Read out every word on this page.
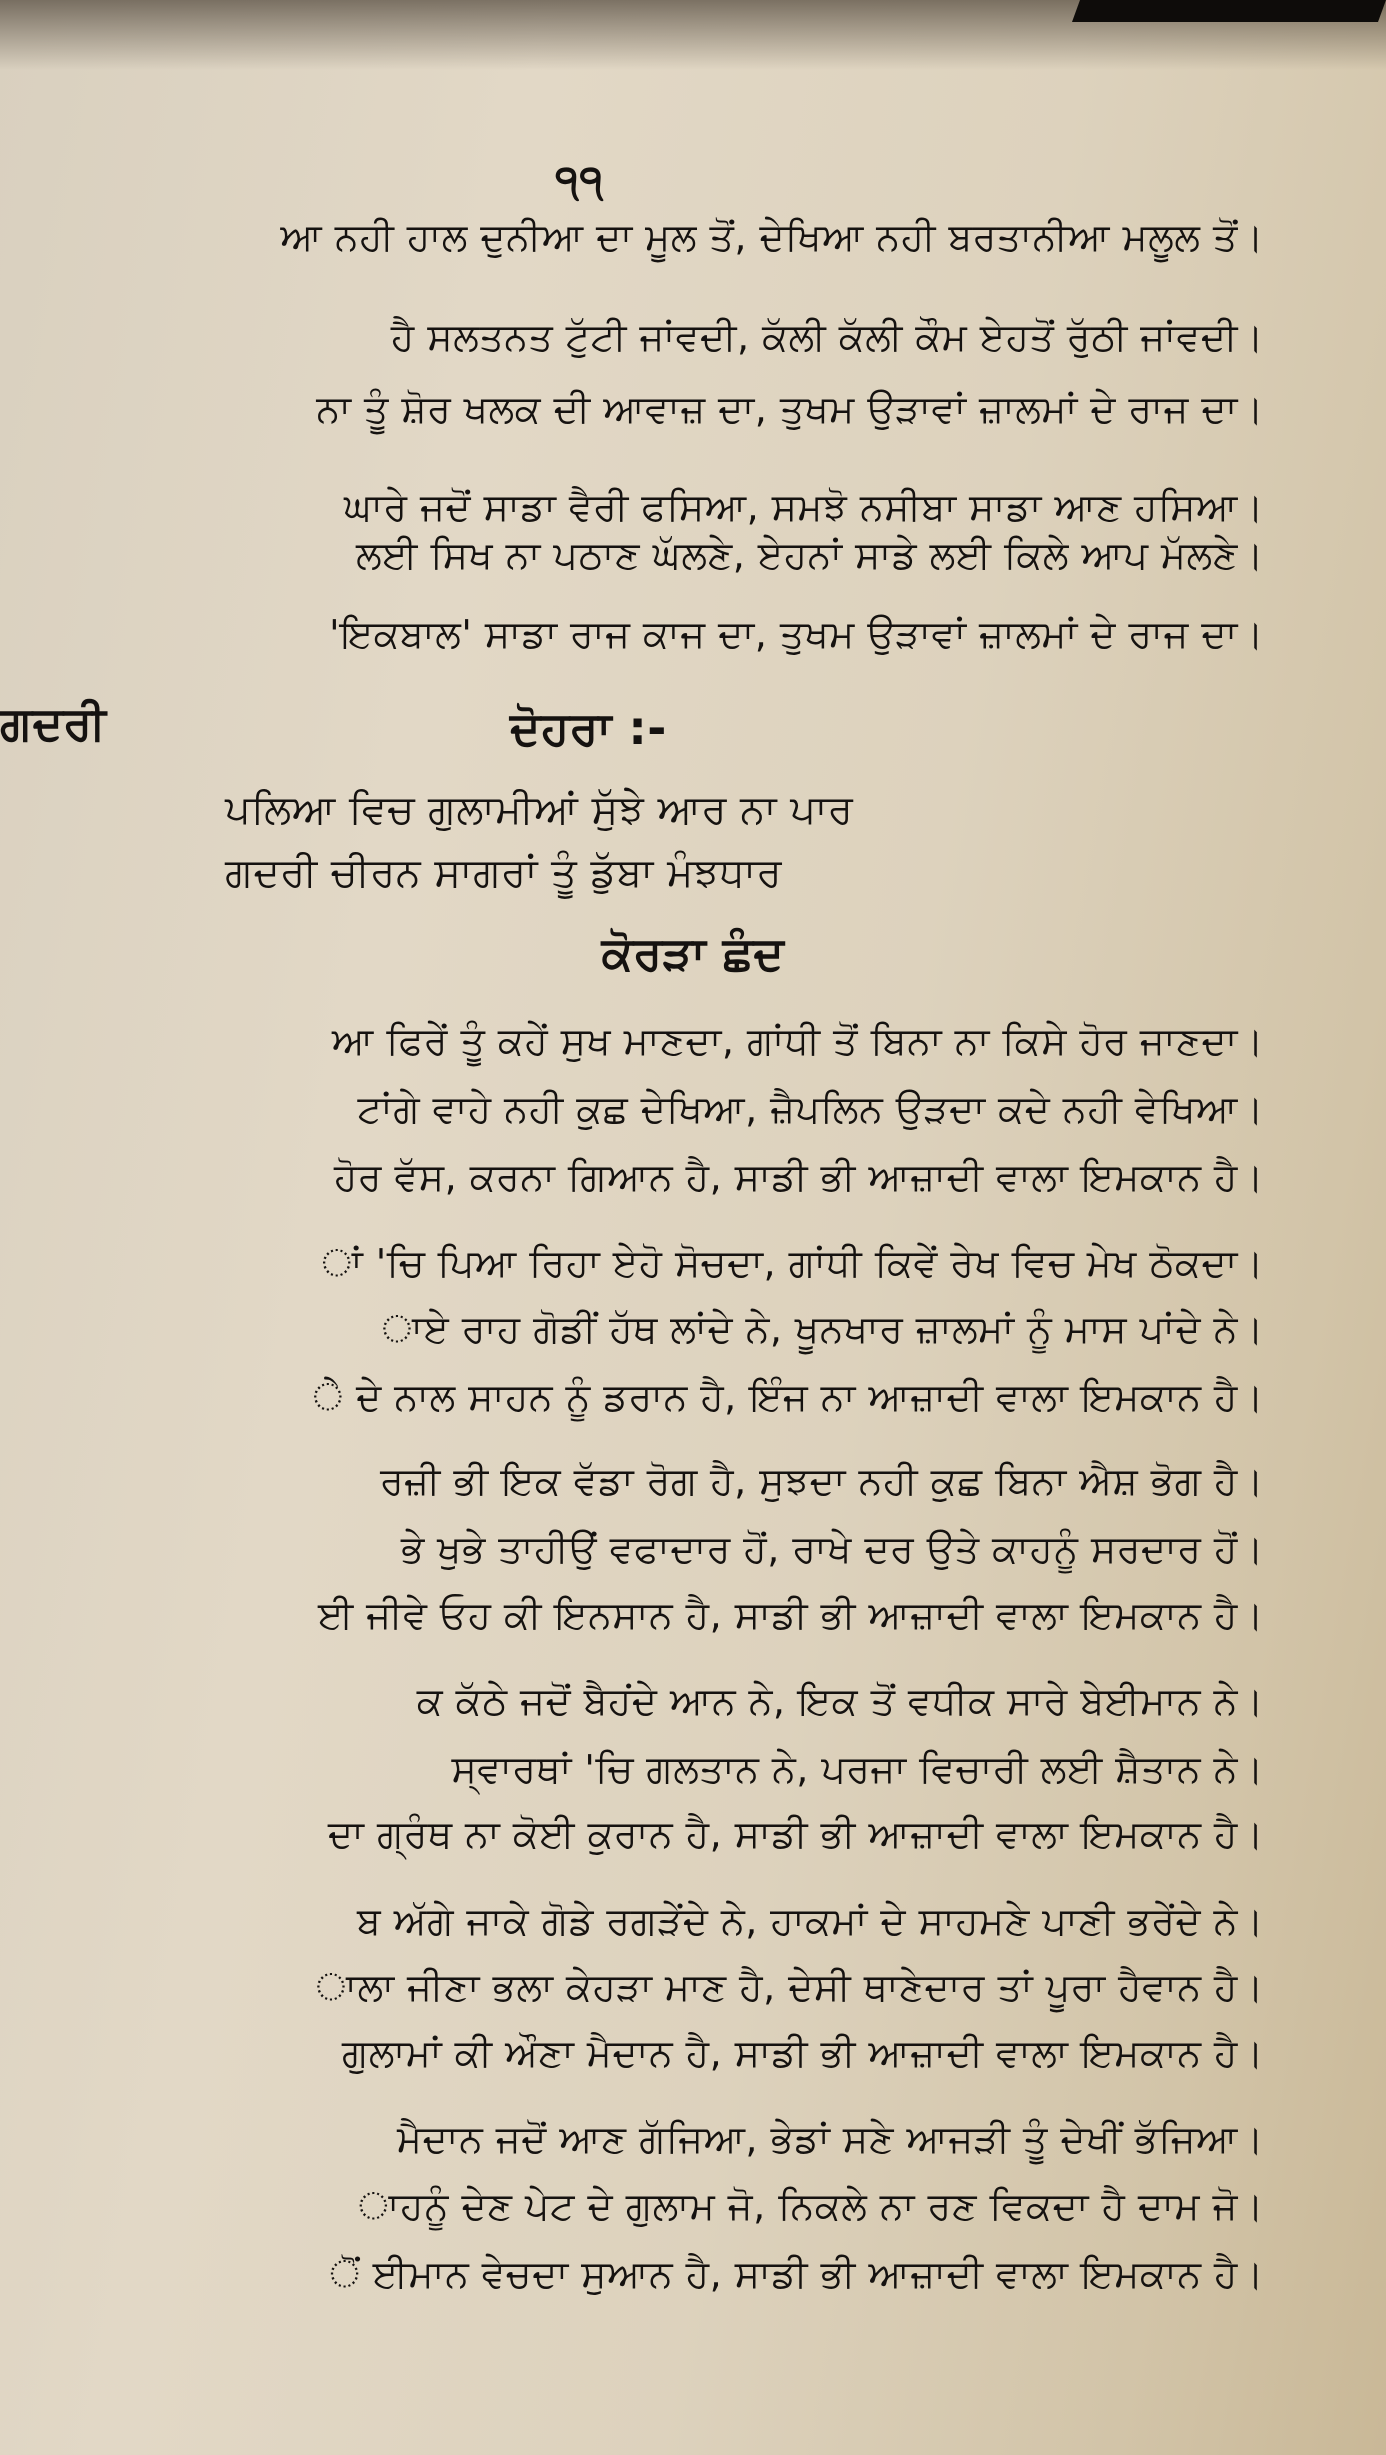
੧੧
ਆ ਨਹੀ ਹਾਲ ਦੁਨੀਆ ਦਾ ਮੂਲ ਤੋਂ, ਦੇਖਿਆ ਨਹੀ ਬਰਤਾਨੀਆ ਮਲੂਲ ਤੋਂ।
ਹੈ ਸਲਤਨਤ ਟੁੱਟੀ ਜਾਂਵਦੀ, ਕੱਲੀ ਕੱਲੀ ਕੌਮ ਏਹਤੋਂ ਰੁੱਠੀ ਜਾਂਵਦੀ।
ਨਾ ਤੂੰ ਸ਼ੋਰ ਖਲਕ ਦੀ ਆਵਾਜ਼ ਦਾ, ਤੁਖਮ ਉੜਾਵਾਂ ਜ਼ਾਲਮਾਂ ਦੇ ਰਾਜ ਦਾ।
ਘਾਰੇ ਜਦੋਂ ਸਾਡਾ ਵੈਰੀ ਫਸਿਆ, ਸਮਝੋ ਨਸੀਬਾ ਸਾਡਾ ਆਣ ਹਸਿਆ।
ਲਈ ਸਿਖ ਨਾ ਪਠਾਣ ਘੱਲਣੇ, ਏਹਨਾਂ ਸਾਡੇ ਲਈ ਕਿਲੇ ਆਪ ਮੱਲਣੇ।
'ਇਕਬਾਲ' ਸਾਡਾ ਰਾਜ ਕਾਜ ਦਾ, ਤੁਖਮ ਉੜਾਵਾਂ ਜ਼ਾਲਮਾਂ ਦੇ ਰਾਜ ਦਾ।
ਗਦਰੀ	ਦੋਹਰਾ :-
ਪਲਿਆ ਵਿਚ ਗੁਲਾਮੀਆਂ ਸੁੱਝੇ ਆਰ ਨਾ ਪਾਰ
ਗਦਰੀ ਚੀਰਨ ਸਾਗਰਾਂ ਤੂੰ ਡੁੱਬਾ ਮੰਝਧਾਰ
ਕੋਰੜਾ ਛੰਦ
ਆ ਫਿਰੇਂ ਤੂੰ ਕਹੇਂ ਸੁਖ ਮਾਣਦਾ, ਗਾਂਧੀ ਤੋਂ ਬਿਨਾ ਨਾ ਕਿਸੇ ਹੋਰ ਜਾਣਦਾ।
ਟਾਂਗੇ ਵਾਹੇ ਨਹੀ ਕੁਛ ਦੇਖਿਆ, ਜ਼ੈਪਲਿਨ ਉੜਦਾ ਕਦੇ ਨਹੀ ਵੇਖਿਆ।
ਹੋਰ ਵੱਸ, ਕਰਨਾ ਗਿਆਨ ਹੈ, ਸਾਡੀ ਭੀ ਆਜ਼ਾਦੀ ਵਾਲਾ ਇਮਕਾਨ ਹੈ।
ਾਂ 'ਚਿ ਪਿਆ ਰਿਹਾ ਏਹੋ ਸੋਚਦਾ, ਗਾਂਧੀ ਕਿਵੇਂ ਰੇਖ ਵਿਚ ਮੇਖ ਠੋਕਦਾ।
ਾਏ ਰਾਹ ਗੋਡੀਂ ਹੱਥ ਲਾਂਦੇ ਨੇ, ਖੂਨਖਾਰ ਜ਼ਾਲਮਾਂ ਨੂੰ ਮਾਸ ਪਾਂਦੇ ਨੇ।
ੇ ਦੇ ਨਾਲ ਸਾਹਨ ਨੂੰ ਡਰਾਨ ਹੈ, ਇੰਜ ਨਾ ਆਜ਼ਾਦੀ ਵਾਲਾ ਇਮਕਾਨ ਹੈ।
ਰਜ਼ੀ ਭੀ ਇਕ ਵੱਡਾ ਰੋਗ ਹੈ, ਸੁਝਦਾ ਨਹੀ ਕੁਛ ਬਿਨਾ ਐਸ਼ ਭੋਗ ਹੈ।
ਭੇ ਖੁਭੇ ਤਾਹੀਉਂ ਵਫਾਦਾਰ ਹੋਂ, ਰਾਖੇ ਦਰ ਉਤੇ ਕਾਹਨੂੰ ਸਰਦਾਰ ਹੋਂ।
ਈ ਜੀਵੇ ਓਹ ਕੀ ਇਨਸਾਨ ਹੈ, ਸਾਡੀ ਭੀ ਆਜ਼ਾਦੀ ਵਾਲਾ ਇਮਕਾਨ ਹੈ।
ਕ ਕੱਠੇ ਜਦੋਂ ਬੈਹਂਦੇ ਆਨ ਨੇ, ਇਕ ਤੋਂ ਵਧੀਕ ਸਾਰੇ ਬੇਈਮਾਨ ਨੇ।
ਸ੍ਵਾਰਥਾਂ 'ਚਿ ਗਲਤਾਨ ਨੇ, ਪਰਜਾ ਵਿਚਾਰੀ ਲਈ ਸ਼ੈਤਾਨ ਨੇ।
ਦਾ ਗ੍ਰੰਥ ਨਾ ਕੋਈ ਕੁਰਾਨ ਹੈ, ਸਾਡੀ ਭੀ ਆਜ਼ਾਦੀ ਵਾਲਾ ਇਮਕਾਨ ਹੈ।
ਬ ਅੱਗੇ ਜਾਕੇ ਗੋਡੇ ਰਗੜੇਂਦੇ ਨੇ, ਹਾਕਮਾਂ ਦੇ ਸਾਹਮਣੇ ਪਾਣੀ ਭਰੇਂਦੇ ਨੇ।
ਾਲਾ ਜੀਣਾ ਭਲਾ ਕੇਹੜਾ ਮਾਣ ਹੈ, ਦੇਸੀ ਥਾਣੇਦਾਰ ਤਾਂ ਪੂਰਾ ਹੈਵਾਨ ਹੈ।
ਗੁਲਾਮਾਂ ਕੀ ਔਣਾ ਮੈਦਾਨ ਹੈ, ਸਾਡੀ ਭੀ ਆਜ਼ਾਦੀ ਵਾਲਾ ਇਮਕਾਨ ਹੈ।
ਮੈਦਾਨ ਜਦੋਂ ਆਣ ਗੱਜਿਆ, ਭੇਡਾਂ ਸਣੇ ਆਜੜੀ ਤੂੰ ਦੇਖੀਂ ਭੱਜਿਆ।
ਾਹਨੂੰ ਦੇਣ ਪੇਟ ਦੇ ਗੁਲਾਮ ਜੋ, ਨਿਕਲੇ ਨਾ ਰਣ ਵਿਕਦਾ ਹੈ ਦਾਮ ਜੋ।
ੋਂ ਈਮਾਨ ਵੇਚਦਾ ਸੁਆਨ ਹੈ, ਸਾਡੀ ਭੀ ਆਜ਼ਾਦੀ ਵਾਲਾ ਇਮਕਾਨ ਹੈ।
